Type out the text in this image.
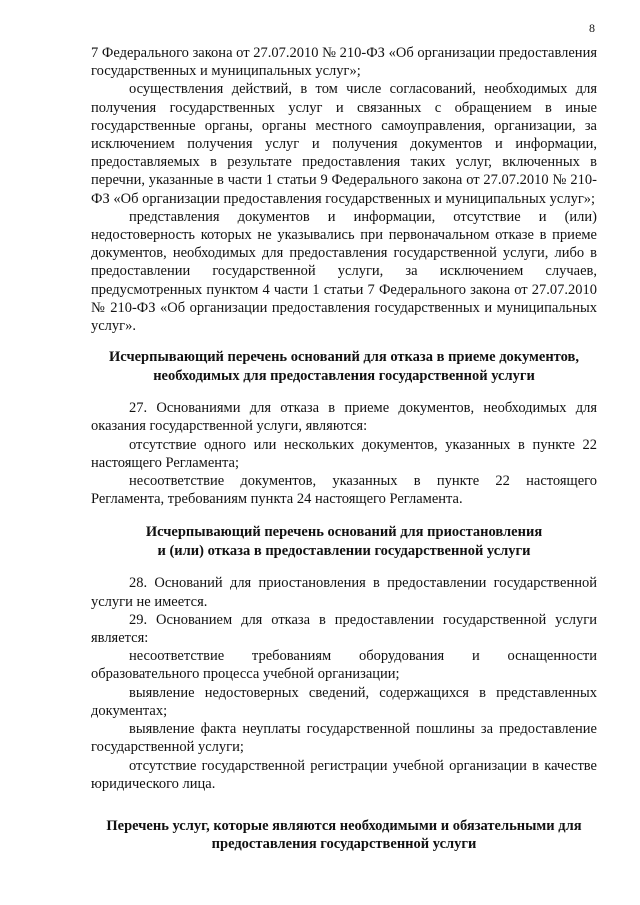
8

7 Федерального закона от 27.07.2010 № 210-ФЗ «Об организации предоставления государственных и муниципальных услуг»;

осуществления действий, в том числе согласований, необходимых для получения государственных услуг и связанных с обращением в иные государственные органы, органы местного самоуправления, организации, за исключением получения услуг и получения документов и информации, предоставляемых в результате предоставления таких услуг, включенных в перечни, указанные в части 1 статьи 9 Федерального закона от 27.07.2010 № 210-ФЗ «Об организации предоставления государственных и муниципальных услуг»;

представления документов и информации, отсутствие и (или) недостоверность которых не указывались при первоначальном отказе в приеме документов, необходимых для предоставления государственной услуги, либо в предоставлении государственной услуги, за исключением случаев, предусмотренных пунктом 4 части 1 статьи 7 Федерального закона от 27.07.2010 № 210-ФЗ «Об организации предоставления государственных и муниципальных услуг».

Исчерпывающий перечень оснований для отказа в приеме документов,
необходимых для предоставления государственной услуги

27. Основаниями для отказа в приеме документов, необходимых для оказания государственной услуги, являются:

отсутствие одного или нескольких документов, указанных в пункте 22 настоящего Регламента;

несоответствие документов, указанных в пункте 22 настоящего Регламента, требованиям пункта 24 настоящего Регламента.

Исчерпывающий перечень оснований для приостановления
и (или) отказа в предоставлении государственной услуги

28. Оснований для приостановления в предоставлении государственной услуги не имеется.

29. Основанием для отказа в предоставлении государственной услуги является:

несоответствие требованиям оборудования и оснащенности образовательного процесса учебной организации;

выявление недостоверных сведений, содержащихся в представленных документах;

выявление факта неуплаты государственной пошлины за предоставление государственной услуги;

отсутствие государственной регистрации учебной организации в качестве юридического лица.

Перечень услуг, которые являются необходимыми и обязательными для
предоставления государственной услуги
